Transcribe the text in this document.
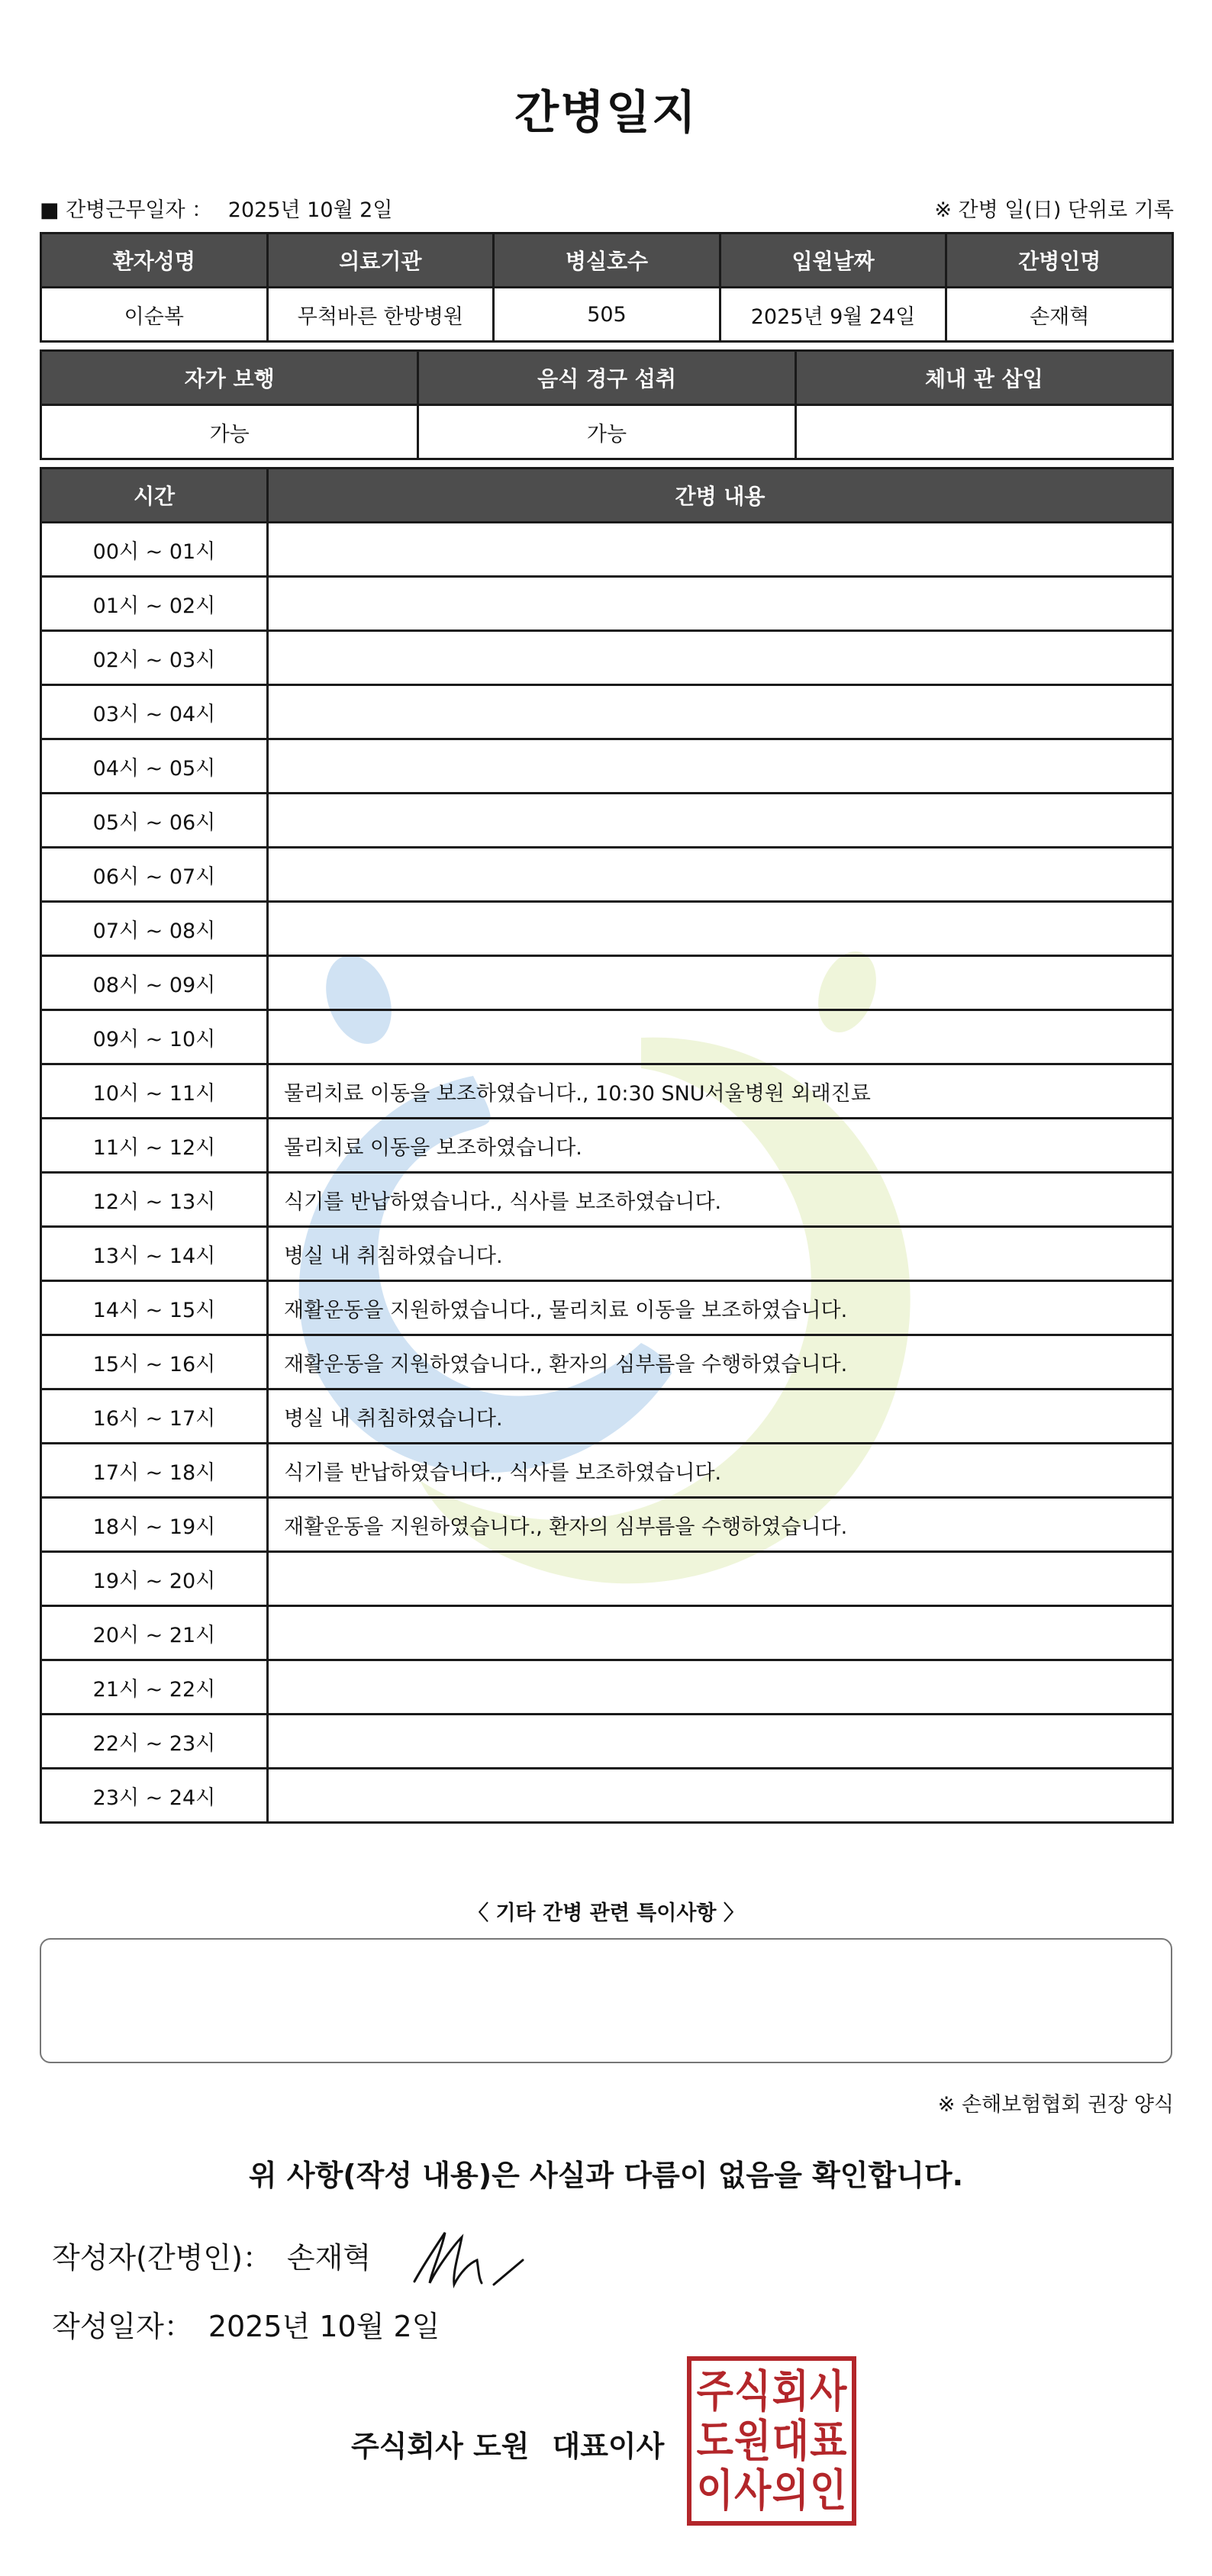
간병일지
■ 간병근무일자 ： 2025년 10월 2일	※ 간병 일(日) 단위로 기록
환자성명	의료기관	병실호수	입원날짜	간병인명
이순복	무척바른 한방병원	505	2025년 9월 24일	손재혁
자가 보행	음식 경구 섭취	체내 관 삽입
가능	가능	
시간	간병 내용
00시 ~ 01시	
01시 ~ 02시	
02시 ~ 03시	
03시 ~ 04시	
04시 ~ 05시	
05시 ~ 06시	
06시 ~ 07시	
07시 ~ 08시	
08시 ~ 09시	
09시 ~ 10시	
10시 ~ 11시	물리치료 이동을 보조하였습니다., 10:30 SNU서울병원 외래진료
11시 ~ 12시	물리치료 이동을 보조하였습니다.
12시 ~ 13시	식기를 반납하였습니다., 식사를 보조하였습니다.
13시 ~ 14시	병실 내 취침하였습니다.
14시 ~ 15시	재활운동을 지원하였습니다., 물리치료 이동을 보조하였습니다.
15시 ~ 16시	재활운동을 지원하였습니다., 환자의 심부름을 수행하였습니다.
16시 ~ 17시	병실 내 취침하였습니다.
17시 ~ 18시	식기를 반납하였습니다., 식사를 보조하였습니다.
18시 ~ 19시	재활운동을 지원하였습니다., 환자의 심부름을 수행하였습니다.
19시 ~ 20시	
20시 ~ 21시	
21시 ~ 22시	
22시 ~ 23시	
23시 ~ 24시	
〈 기타 간병 관련 특이사항 〉
※ 손해보험협회 권장 양식
위 사항(작성 내용)은 사실과 다름이 없음을 확인합니다.
작성자(간병인)： 손재혁
작성일자： 2025년 10월 2일
주식회사 도원 대표이사
주 식 회 사
도 원 대 표
이 사 의 인
